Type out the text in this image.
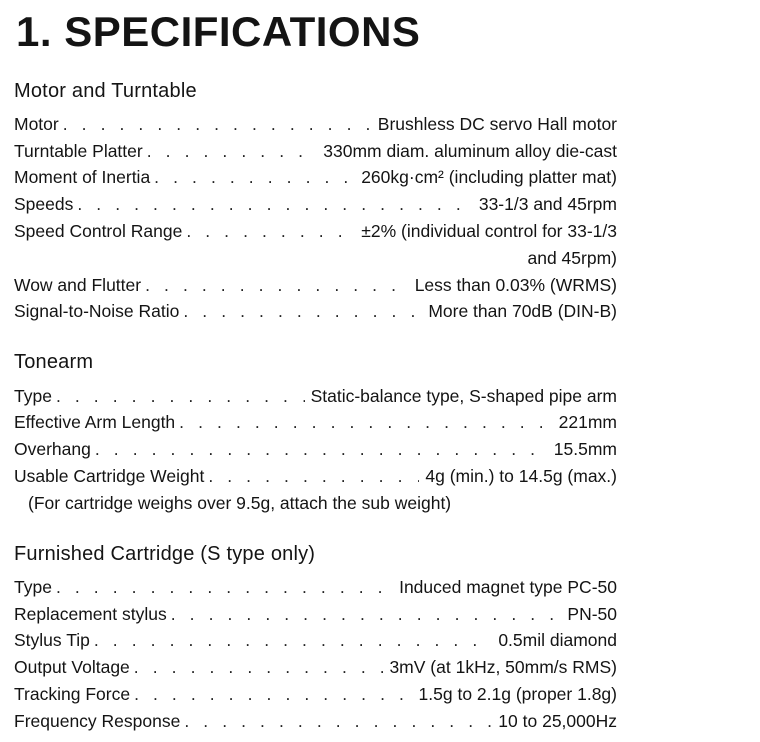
1. SPECIFICATIONS
Motor and Turntable
Motor . . .	Brushless DC servo Hall motor
Turntable Platter . . .	330mm diam. aluminum alloy die-cast
Moment of Inertia . . .	260kg·cm² (including platter mat)
Speeds . . .	33-1/3 and 45rpm
Speed Control Range . . .	±2% (individual control for 33-1/3
and 45rpm)
Wow and Flutter . . .	Less than 0.03% (WRMS)
Signal-to-Noise Ratio . . .	More than 70dB (DIN-B)
Tonearm
Type . . .	Static-balance type, S-shaped pipe arm
Effective Arm Length . . .	221mm
Overhang . . .	15.5mm
Usable Cartridge Weight . . .	4g (min.) to 14.5g (max.)
(For cartridge weighs over 9.5g, attach the sub weight)
Furnished Cartridge (S type only)
Type . . .	Induced magnet type PC-50
Replacement stylus . . .	PN-50
Stylus Tip . . .	0.5mil diamond
Output Voltage . . .	3mV (at 1kHz, 50mm/s RMS)
Tracking Force . . .	1.5g to 2.1g (proper 1.8g)
Frequency Response . . .	10 to 25,000Hz
